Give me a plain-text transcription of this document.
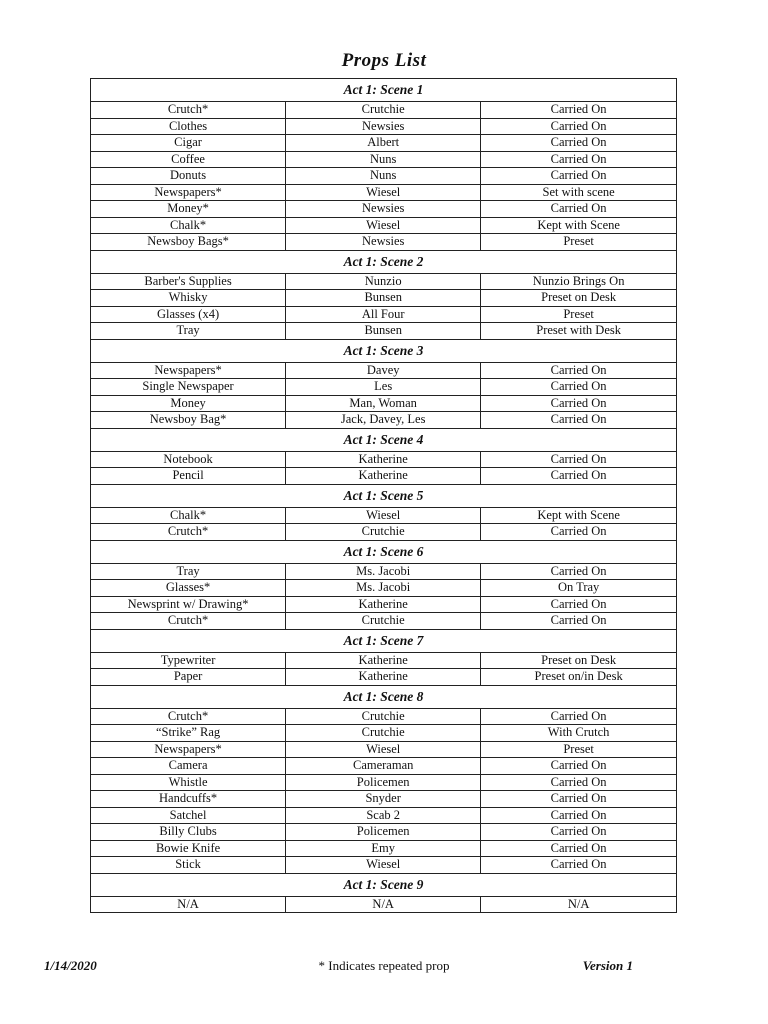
Props List
Act 1: Scene 1		
Crutch*	Crutchie	Carried On
Clothes	Newsies	Carried On
Cigar	Albert	Carried On
Coffee	Nuns	Carried On
Donuts	Nuns	Carried On
Newspapers*	Wiesel	Set with scene
Money*	Newsies	Carried On
Chalk*	Wiesel	Kept with Scene
Newsboy Bags*	Newsies	Preset
Act 1: Scene 2		
Barber's Supplies	Nunzio	Nunzio Brings On
Whisky	Bunsen	Preset on Desk
Glasses (x4)	All Four	Preset
Tray	Bunsen	Preset with Desk
Act 1: Scene 3		
Newspapers*	Davey	Carried On
Single Newspaper	Les	Carried On
Money	Man, Woman	Carried On
Newsboy Bag*	Jack, Davey, Les	Carried On
Act 1: Scene 4		
Notebook	Katherine	Carried On
Pencil	Katherine	Carried On
Act 1: Scene 5		
Chalk*	Wiesel	Kept with Scene
Crutch*	Crutchie	Carried On
Act 1: Scene 6		
Tray	Ms. Jacobi	Carried On
Glasses*	Ms. Jacobi	On Tray
Newsprint w/ Drawing*	Katherine	Carried On
Crutch*	Crutchie	Carried On
Act 1: Scene 7		
Typewriter	Katherine	Preset on Desk
Paper	Katherine	Preset on/in Desk
Act 1: Scene 8		
Crutch*	Crutchie	Carried On
“Strike” Rag	Crutchie	With Crutch
Newspapers*	Wiesel	Preset
Camera	Cameraman	Carried On
Whistle	Policemen	Carried On
Handcuffs*	Snyder	Carried On
Satchel	Scab 2	Carried On
Billy Clubs	Policemen	Carried On
Bowie Knife	Emy	Carried On
Stick	Wiesel	Carried On
Act 1: Scene 9		
N/A	N/A	N/A
1/14/2020	* Indicates repeated prop	Version 1
